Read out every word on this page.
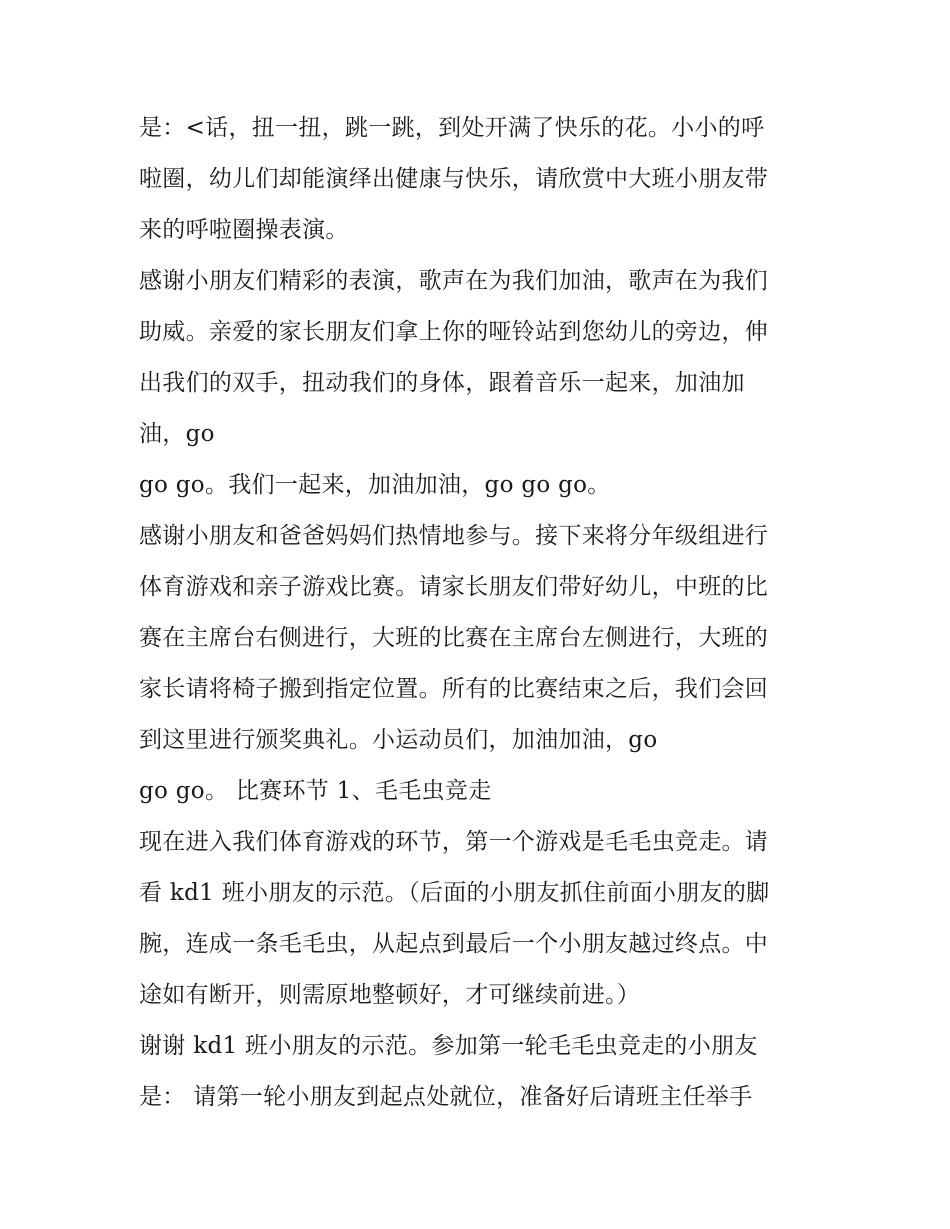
是：<话，扭一扭，跳一跳，到处开满了快乐的花。小小的呼
啦圈，幼儿们却能演绎出健康与快乐，请欣赏中大班小朋友带
来的呼啦圈操表演。
感谢小朋友们精彩的表演，歌声在为我们加油，歌声在为我们
助威。亲爱的家长朋友们拿上你的哑铃站到您幼儿的旁边，伸
出我们的双手，扭动我们的身体，跟着音乐一起来，加油加
油，go
go go。我们一起来，加油加油，go go go。
感谢小朋友和爸爸妈妈们热情地参与。接下来将分年级组进行
体育游戏和亲子游戏比赛。请家长朋友们带好幼儿，中班的比
赛在主席台右侧进行，大班的比赛在主席台左侧进行，大班的
家长请将椅子搬到指定位置。所有的比赛结束之后，我们会回
到这里进行颁奖典礼。小运动员们，加油加油，go
go go。 比赛环节 1、毛毛虫竞走
现在进入我们体育游戏的环节，第一个游戏是毛毛虫竞走。请
看 kd1 班小朋友的示范。（后面的小朋友抓住前面小朋友的脚
腕，连成一条毛毛虫，从起点到最后一个小朋友越过终点。中
途如有断开，则需原地整顿好，才可继续前进。）
谢谢 kd1 班小朋友的示范。参加第一轮毛毛虫竞走的小朋友
是： 请第一轮小朋友到起点处就位，准备好后请班主任举手
